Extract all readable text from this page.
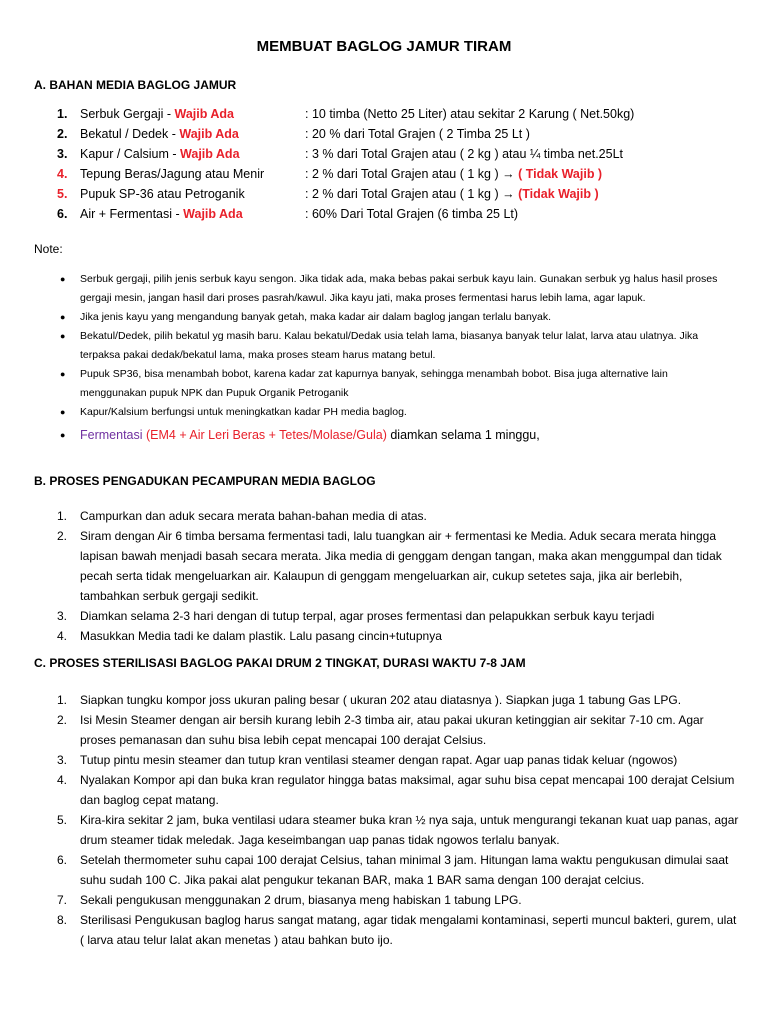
MEMBUAT BAGLOG JAMUR TIRAM
A. BAHAN MEDIA BAGLOG JAMUR
1. Serbuk Gergaji - Wajib Ada	: 10 timba (Netto 25 Liter) atau sekitar 2 Karung ( Net.50kg)
2. Bekatul / Dedek - Wajib Ada	: 20 % dari Total Grajen ( 2 Timba 25 Lt )
3. Kapur / Calsium - Wajib Ada	: 3 % dari Total Grajen atau ( 2 kg ) atau ¼ timba net.25Lt
4. Tepung Beras/Jagung atau Menir	: 2 % dari Total Grajen atau ( 1 kg ) → ( Tidak Wajib )
5. Pupuk SP-36 atau Petroganik	: 2 % dari Total Grajen atau ( 1 kg ) → (Tidak Wajib )
6. Air + Fermentasi - Wajib Ada	: 60% Dari Total Grajen (6 timba 25 Lt)
Note:
● Serbuk gergaji, pilih jenis serbuk kayu sengon. Jika tidak ada, maka bebas pakai serbuk kayu lain. Gunakan serbuk yg halus hasil proses gergaji mesin, jangan hasil dari proses pasrah/kawul. Jika kayu jati, maka proses fermentasi harus lebih lama, agar lapuk.
● Jika jenis kayu yang mengandung banyak getah, maka kadar air dalam baglog jangan terlalu banyak.
● Bekatul/Dedek, pilih bekatul yg masih baru. Kalau bekatul/Dedak usia telah lama, biasanya banyak telur lalat, larva atau ulatnya. Jika terpaksa pakai dedak/bekatul lama, maka proses steam harus matang betul.
● Pupuk SP36, bisa menambah bobot, karena kadar zat kapurnya banyak, sehingga menambah bobot. Bisa juga alternative lain menggunakan pupuk NPK dan Pupuk Organik Petroganik
● Kapur/Kalsium berfungsi untuk meningkatkan kadar PH media baglog.
● Fermentasi (EM4 + Air Leri Beras + Tetes/Molase/Gula) diamkan selama 1 minggu,
B. PROSES PENGADUKAN PECAMPURAN MEDIA BAGLOG
1. Campurkan dan aduk secara merata bahan-bahan media di atas.
2. Siram dengan Air 6 timba bersama fermentasi tadi, lalu tuangkan air + fermentasi ke Media. Aduk secara merata hingga lapisan bawah menjadi basah secara merata. Jika media di genggam dengan tangan, maka akan menggumpal dan tidak pecah serta tidak mengeluarkan air. Kalaupun di genggam mengeluarkan air, cukup setetes saja, jika air berlebih, tambahkan serbuk gergaji sedikit.
3. Diamkan selama 2-3 hari dengan di tutup terpal, agar proses fermentasi dan pelapukkan serbuk kayu terjadi
4. Masukkan Media tadi ke dalam plastik. Lalu pasang cincin+tutupnya
C. PROSES STERILISASI BAGLOG PAKAI DRUM 2 TINGKAT, DURASI WAKTU 7-8 JAM
1. Siapkan tungku kompor joss ukuran paling besar ( ukuran 202 atau diatasnya ). Siapkan juga 1 tabung Gas LPG.
2. Isi Mesin Steamer dengan air bersih kurang lebih 2-3 timba air, atau pakai ukuran ketinggian air sekitar 7-10 cm. Agar proses pemanasan dan suhu bisa lebih cepat mencapai 100 derajat Celsius.
3. Tutup pintu mesin steamer dan tutup kran ventilasi steamer dengan rapat. Agar uap panas tidak keluar (ngowos)
4. Nyalakan Kompor api dan buka kran regulator hingga batas maksimal, agar suhu bisa cepat mencapai 100 derajat Celsium dan baglog cepat matang.
5. Kira-kira sekitar 2 jam, buka ventilasi udara steamer buka kran ½ nya saja, untuk mengurangi tekanan kuat uap panas, agar drum steamer tidak meledak. Jaga keseimbangan uap panas tidak ngowos terlalu banyak.
6. Setelah thermometer suhu capai 100 derajat Celsius, tahan minimal 3 jam. Hitungan lama waktu pengukusan dimulai saat suhu sudah 100 C. Jika pakai alat pengukur tekanan BAR, maka 1 BAR sama dengan 100 derajat celcius.
7. Sekali pengukusan menggunakan 2 drum, biasanya meng habiskan 1 tabung LPG.
8. Sterilisasi Pengukusan baglog harus sangat matang, agar tidak mengalami kontaminasi, seperti muncul bakteri, gurem, ulat ( larva atau telur lalat akan menetas ) atau bahkan buto ijo.
